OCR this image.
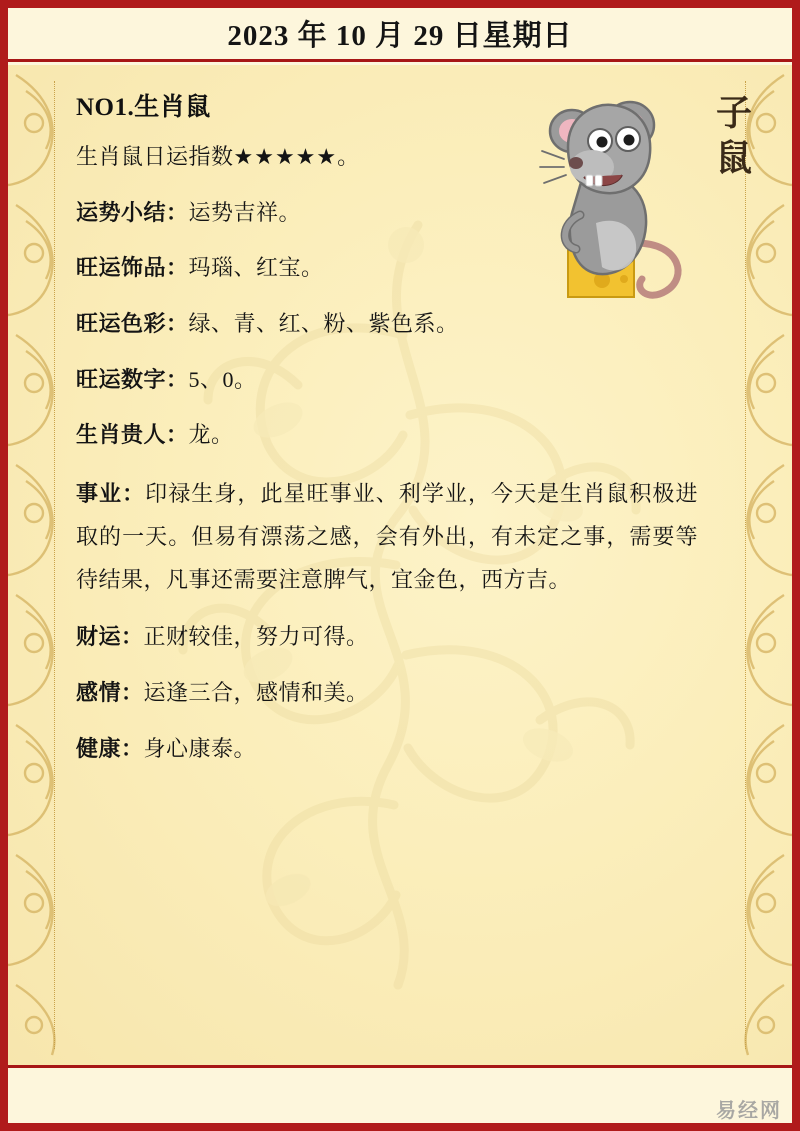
2023 年 10 月 29 日星期日
子鼠
NO1.生肖鼠
生肖鼠日运指数★★★★★。
运势小结：运势吉祥。
旺运饰品：玛瑙、红宝。
旺运色彩：绿、青、红、粉、紫色系。
旺运数字：5、0。
生肖贵人：龙。
事业：印禄生身，此星旺事业、利学业，今天是生肖鼠积极进取的一天。但易有漂荡之感，会有外出，有未定之事，需要等待结果，凡事还需要注意脾气，宜金色，西方吉。
财运：正财较佳，努力可得。
感情：运逢三合，感情和美。
健康：身心康泰。
易经网
